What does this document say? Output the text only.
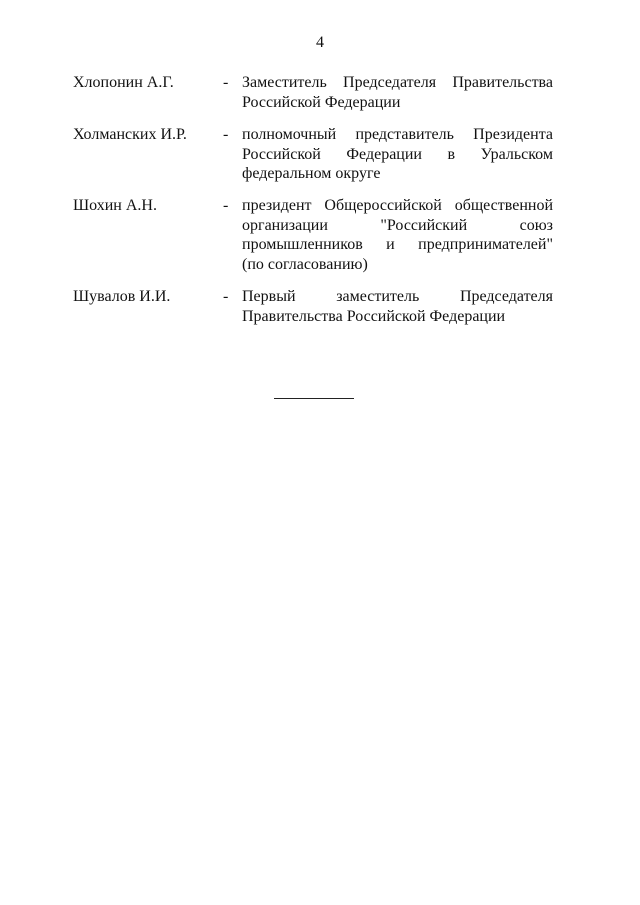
4
Хлопонин А.Г.	- Заместитель Председателя Правительства
Российской Федерации
Холманских И.Р. - полномочный представитель Президента
Российской Федерации в Уральском
федеральном округе
Шохин А.Н.	- президент Общероссийской общественной
организации "Российский союз
промышленников и предпринимателей"
(по согласованию)
Шувалов И.И.	- Первый заместитель Председателя
Правительства Российской Федерации
